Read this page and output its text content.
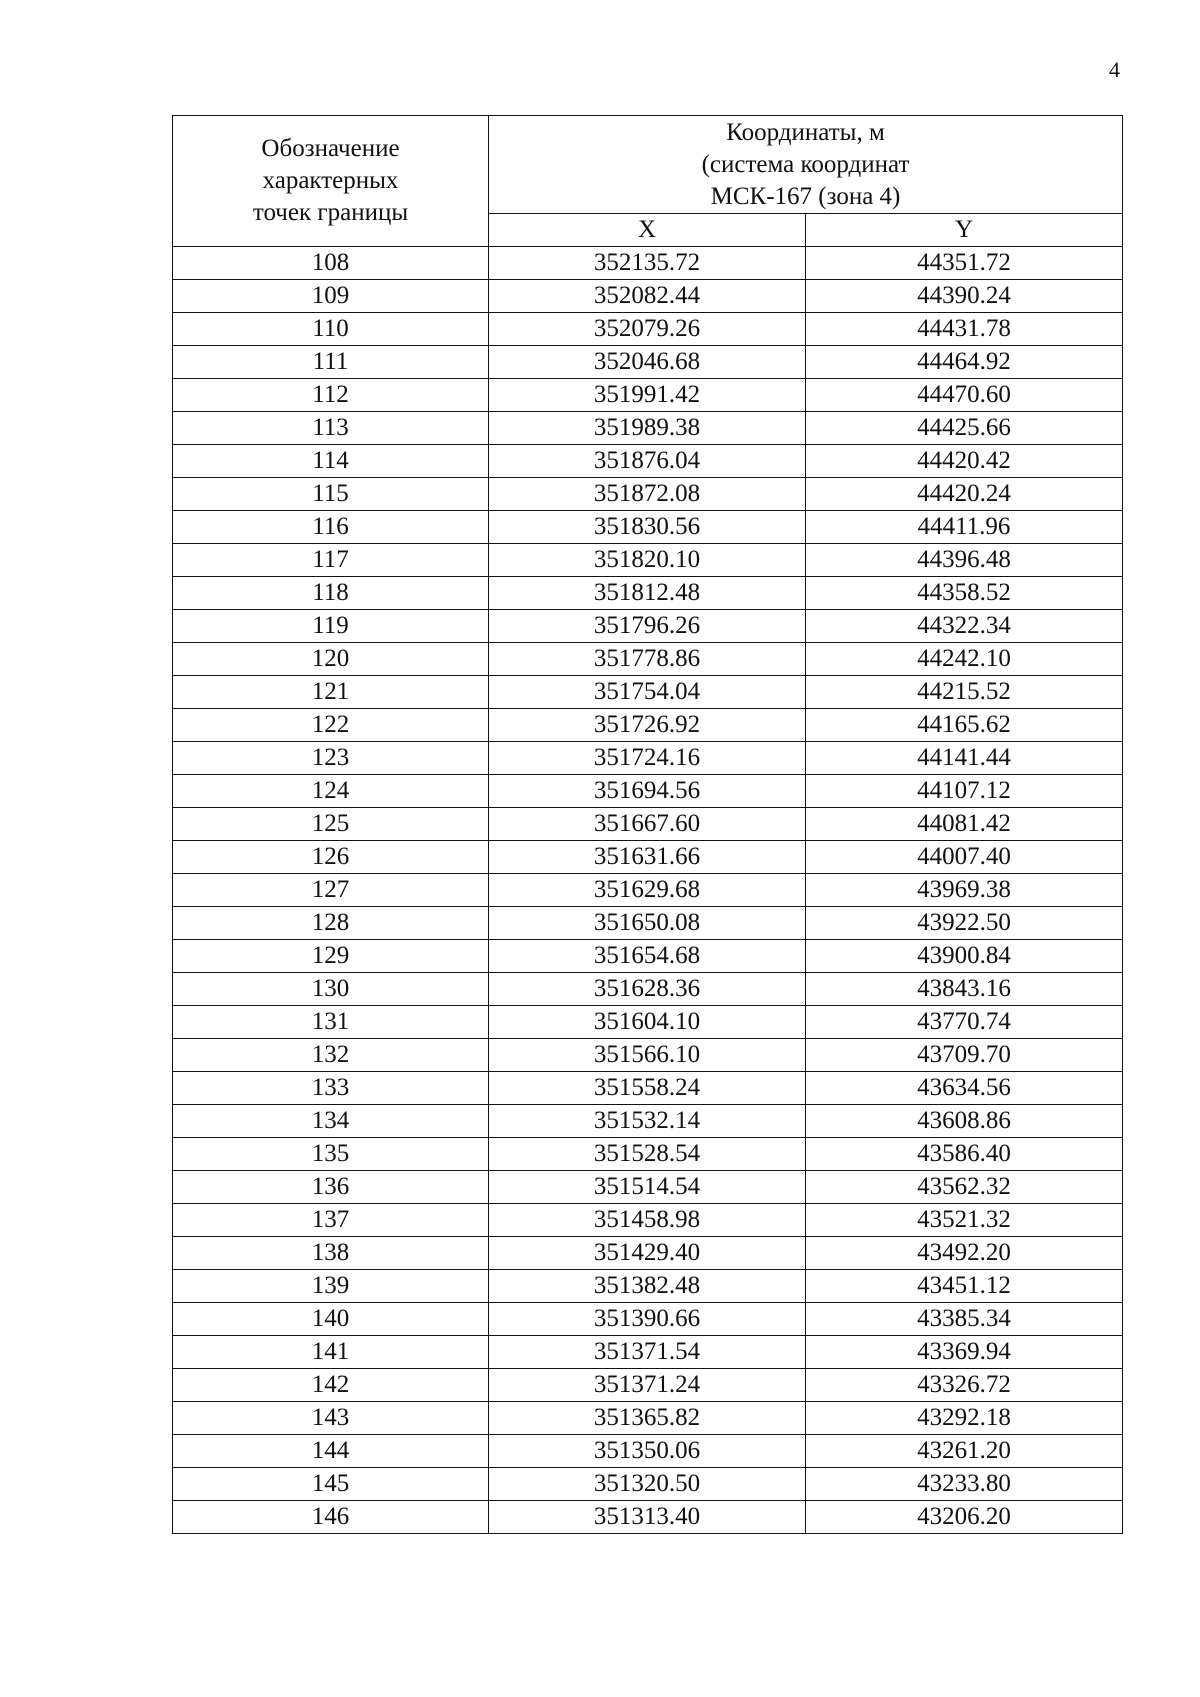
4
Обозначение
характерных
точек границы	Координаты, м
(система координат
МСК-167 (зона 4)	

	X	Y
108	352135.72	44351.72
109	352082.44	44390.24
110	352079.26	44431.78
111	352046.68	44464.92
112	351991.42	44470.60
113	351989.38	44425.66
114	351876.04	44420.42
115	351872.08	44420.24
116	351830.56	44411.96
117	351820.10	44396.48
118	351812.48	44358.52
119	351796.26	44322.34
120	351778.86	44242.10
121	351754.04	44215.52
122	351726.92	44165.62
123	351724.16	44141.44
124	351694.56	44107.12
125	351667.60	44081.42
126	351631.66	44007.40
127	351629.68	43969.38
128	351650.08	43922.50
129	351654.68	43900.84
130	351628.36	43843.16
131	351604.10	43770.74
132	351566.10	43709.70
133	351558.24	43634.56
134	351532.14	43608.86
135	351528.54	43586.40
136	351514.54	43562.32
137	351458.98	43521.32
138	351429.40	43492.20
139	351382.48	43451.12
140	351390.66	43385.34
141	351371.54	43369.94
142	351371.24	43326.72
143	351365.82	43292.18
144	351350.06	43261.20
145	351320.50	43233.80
146	351313.40	43206.20
